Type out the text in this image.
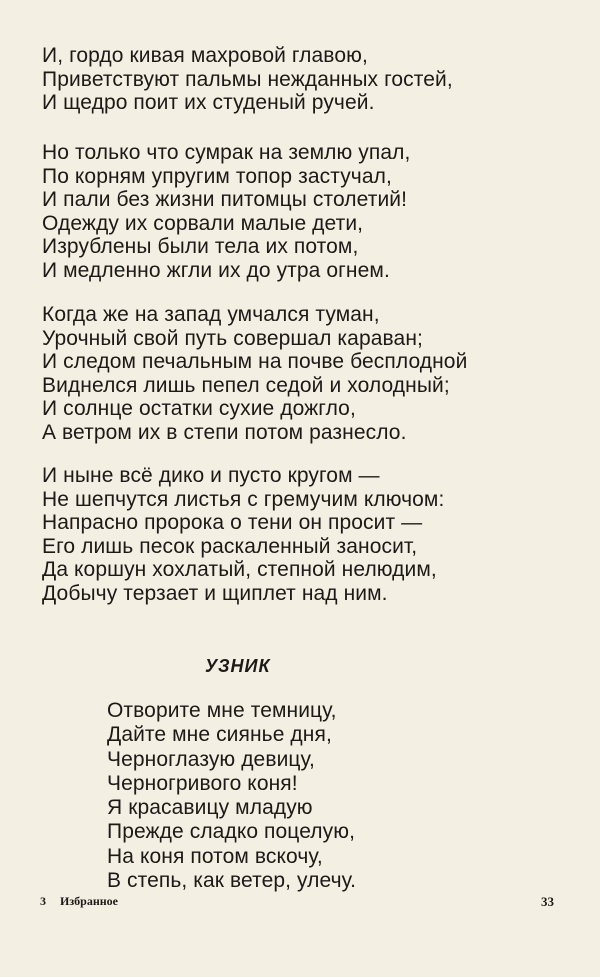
И, гордо кивая махровой главою,
Приветствуют пальмы нежданных гостей,
И щедро поит их студеный ручей.
Но только что сумрак на землю упал,
По корням упругим топор застучал,
И пали без жизни питомцы столетий!
Одежду их сорвали малые дети,
Изрублены были тела их потом,
И медленно жгли их до утра огнем.
Когда же на запад умчался туман,
Урочный свой путь совершал караван;
И следом печальным на почве бесплодной
Виднелся лишь пепел седой и холодный;
И солнце остатки сухие дожгло,
А ветром их в степи потом разнесло.
И ныне всё дико и пусто кругом —
Не шепчутся листья с гремучим ключом:
Напрасно пророка о тени он просит —
Его лишь песок раскаленный заносит,
Да коршун хохлатый, степной нелюдим,
Добычу терзает и щиплет над ним.
УЗНИК
Отворите мне темницу,
Дайте мне сиянье дня,
Черноглазую девицу,
Черногривого коня!
Я красавицу младую
Прежде сладко поцелую,
На коня потом вскочу,
В степь, как ветер, улечу.
3 Избранное	33
